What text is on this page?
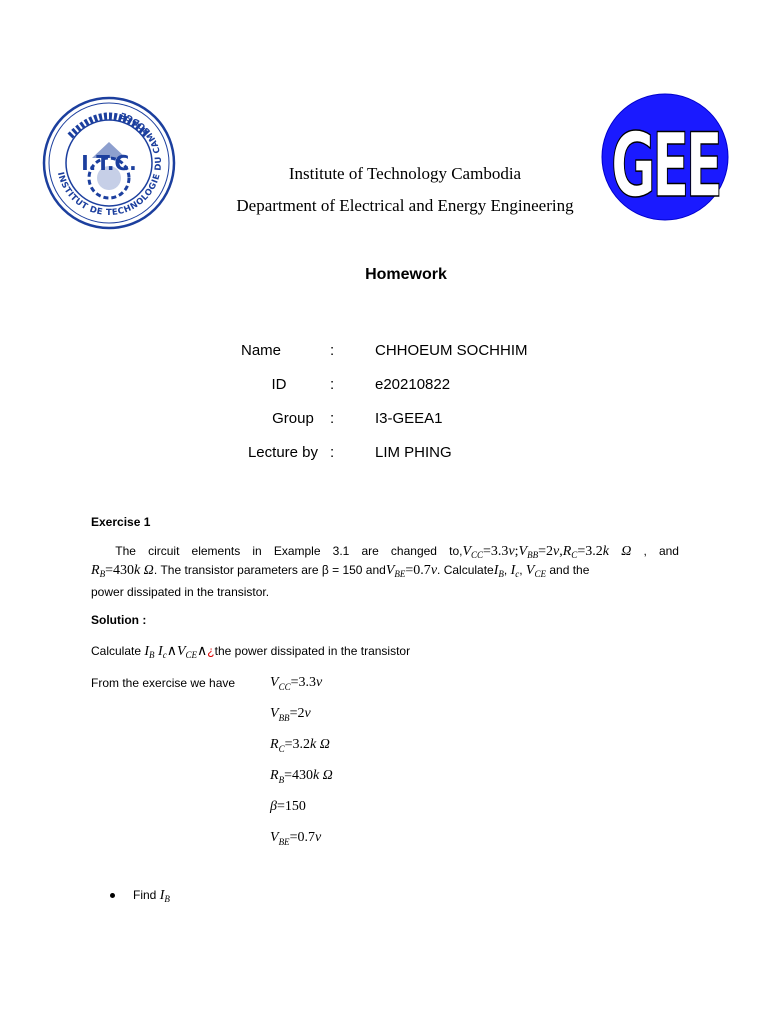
INSTITUT DE TECHNOLOGIE DU CAMBODGE
I.T.C.	GEE
Institute of Technology Cambodia
Department of Electrical and Energy Engineering
Homework
Name	:	CHHOEUM SOCHHIM
ID	:	e20210822
Group	:	I3-GEEA1
Lecture by :	LIM PHING
Exercise 1
The circuit elements in Example 3.1 are changed $to,V_{CC}=3.3v;V_{BB}=2v,R_C=3.2k$ Ω , and
$R_B=430k$ Ω. The transistor parameters are β = 150 andV$_{BE}$=0.7v. CalculateI$_B$, $I_c$, $V_{CE}$ and the
power dissipated in the transistor.
Solution :
Calculate $I_B$ $I_c\wedge V_{CE}\wedge¿the$ power dissipated in the transistor
From the exercise we have $V_{CC}=3.3v$
$V_{BB}=2v$
$R_C=3.2k$ Ω
$R_B=430k$ Ω
β=150
$V_{BE}=0.7v$
Find $I_B$
